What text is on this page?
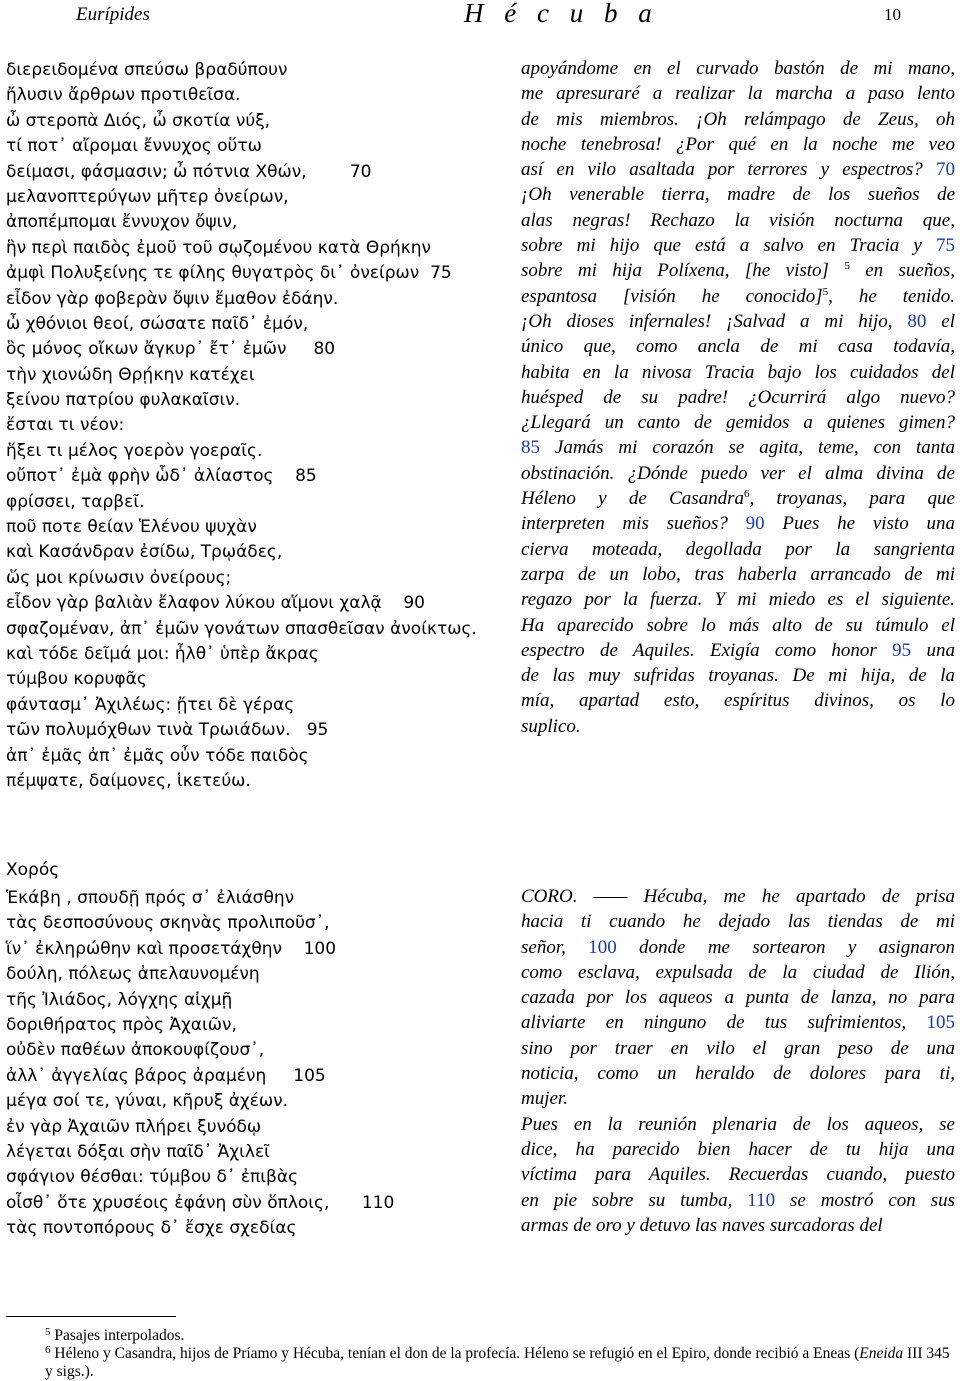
Eurípides	H é c u b a	10
διερειδομένα σπεύσω βραδύπουν
ἤλυσιν ἄρθρων προτιθεῖσα.
ὦ στεροπὰ Διός, ὦ σκοτία νύξ,
τί ποτ᾽ αἴρομαι ἔννυχος οὕτω
δείμασι, φάσμασιν; ὦ πότνια Χθών,        70
μελανοπτερύγων μῆτερ ὀνείρων,
ἀποπέμπομαι ἔννυχον ὄψιν,
ἣν περὶ παιδὸς ἐμοῦ τοῦ σῳζομένου κατὰ Θρήκην
ἀμφὶ Πολυξείνης τε φίλης θυγατρὸς δι᾽ ὀνείρων  75
εἶδον γὰρ φοβερὰν ὄψιν ἔμαθον ἐδάην.
ὦ χθόνιοι θεοί, σώσατε παῖδ᾽ ἐμόν,
ὃς μόνος οἴκων ἄγκυρ᾽ ἔτ᾽ ἐμῶν     80
τὴν χιονώδη Θρῄκην κατέχει
ξείνου πατρίου φυλακαῖσιν.
ἔσται τι νέον:
ἥξει τι μέλος γοερὸν γοεραῖς.
οὔποτ᾽ ἐμὰ φρὴν ὧδ᾽ ἀλίαστος    85
φρίσσει, ταρβεῖ.
ποῦ ποτε θείαν Ἑλένου ψυχὰν
καὶ Κασάνδραν ἐσίδω, Τρῳάδες,
ὥς μοι κρίνωσιν ὀνείρους;
εἶδον γὰρ βαλιὰν ἔλαφον λύκου αἵμονι χαλᾷ    90
σφαζομέναν, ἀπ᾽ ἐμῶν γονάτων σπασθεῖσαν ἀνοίκτως.
καὶ τόδε δεῖμά μοι: ἦλθ᾽ ὑπὲρ ἄκρας
τύμβου κορυφᾶς
φάντασμ᾽ Ἀχιλέως: ᾔτει δὲ γέρας
τῶν πολυμόχθων τινὰ Τρωιάδων.   95
ἀπ᾽ ἐμᾶς ἀπ᾽ ἐμᾶς οὖν τόδε παιδὸς
πέμψατε, δαίμονες, ἱκετεύω.
apoyándome en el curvado bastón de mi mano,
me apresuraré a realizar la marcha a paso lento
de mis miembros. ¡Oh relámpago de Zeus, oh
noche tenebrosa! ¿Por qué en la noche me veo
así en vilo asaltada por terrores y espectros? 70
¡Oh venerable tierra, madre de los sueños de
alas negras! Rechazo la visión nocturna que,
sobre mi hijo que está a salvo en Tracia y 75
sobre mi hija Políxena, [he visto] $^5$ en sueños,
espantosa [visión he conocido]$^5$, he tenido.
¡Oh dioses infernales! ¡Salvad a mi hijo, 80 el
único que, como ancla de mi casa todavía,
habita en la nivosa Tracia bajo los cuidados del
huésped de su padre! ¿Ocurrirá algo nuevo?
¿Llegará un canto de gemidos a quienes gimen?
85 Jamás mi corazón se agita, teme, con tanta
obstinación. ¿Dónde puedo ver el alma divina de
Héleno y de Casandra$^6$, troyanas, para que
interpreten mis sueños? 90 Pues he visto una
cierva moteada, degollada por la sangrienta
zarpa de un lobo, tras haberla arrancado de mi
regazo por la fuerza. Y mi miedo es el siguiente.
Ha aparecido sobre lo más alto de su túmulo el
espectro de Aquiles. Exigía como honor 95 una
de las muy sufridas troyanas. De mi hija, de la
mía, apartad esto, espíritus divinos, os lo
suplico.
Χορός
Ἑκάβη , σπουδῇ πρός σ᾽ ἐλιάσθην
τὰς δεσποσύνους σκηνὰς προλιποῦσ᾽,
ἵν᾽ ἐκληρώθην καὶ προσετάχθην    100
δούλη, πόλεως ἀπελαυνομένη
τῆς Ἰλιάδος, λόγχης αἰχμῇ
δοριθήρατος πρὸς Ἀχαιῶν,
οὐδὲν παθέων ἀποκουφίζουσ᾽,
ἀλλ᾽ ἀγγελίας βάρος ἀραμένη     105
μέγα σοί τε, γύναι, κῆρυξ ἀχέων.
ἐν γὰρ Ἀχαιῶν πλήρει ξυνόδῳ
λέγεται δόξαι σὴν παῖδ᾽ Ἀχιλεῖ
σφάγιον θέσθαι: τύμβου δ᾽ ἐπιβὰς
οἶσθ᾽ ὅτε χρυσέοις ἐφάνη σὺν ὅπλοις,      110
τὰς ποντοπόρους δ᾽ ἔσχε σχεδίας
CORO. —— Hécuba, me he apartado de prisa
hacia ti cuando he dejado las tiendas de mi
señor, 100 donde me sortearon y asignaron
como esclava, expulsada de la ciudad de Ilión,
cazada por los aqueos a punta de lanza, no para
aliviarte en ninguno de tus sufrimientos, 105
sino por traer en vilo el gran peso de una
noticia, como un heraldo de dolores para ti,
mujer.
Pues en la reunión plenaria de los aqueos, se
dice, ha parecido bien hacer de tu hija una
víctima para Aquiles. Recuerdas cuando, puesto
en pie sobre su tumba, 110 se mostró con sus
armas de oro y detuvo las naves surcadoras del
$^5$ Pasajes interpolados.
$^6$ Héleno y Casandra, hijos de Príamo y Hécuba, tenían el don de la profecía. Héleno se refugió en el Epiro, donde recibió a Eneas (Eneida III 345 y sigs.).
